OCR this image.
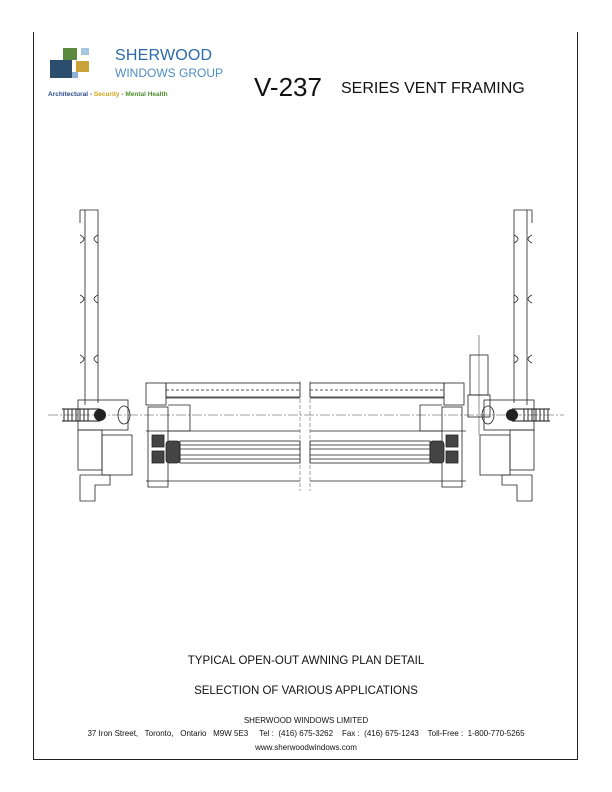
SHERWOOD
WINDOWS GROUP
Architectural - Security - Mental Health	V-237 SERIES VENT FRAMING
TYPICAL OPEN-OUT AWNING PLAN DETAIL
SELECTION OF VARIOUS APPLICATIONS
SHERWOOD WINDOWS LIMITED
37 Iron Street,   Toronto,   Ontario   M9W 5E3     Tel :  (416) 675-3262    Fax :  (416) 675-1243    Toll-Free :  1-800-770-5265
www.sherwoodwindows.com
